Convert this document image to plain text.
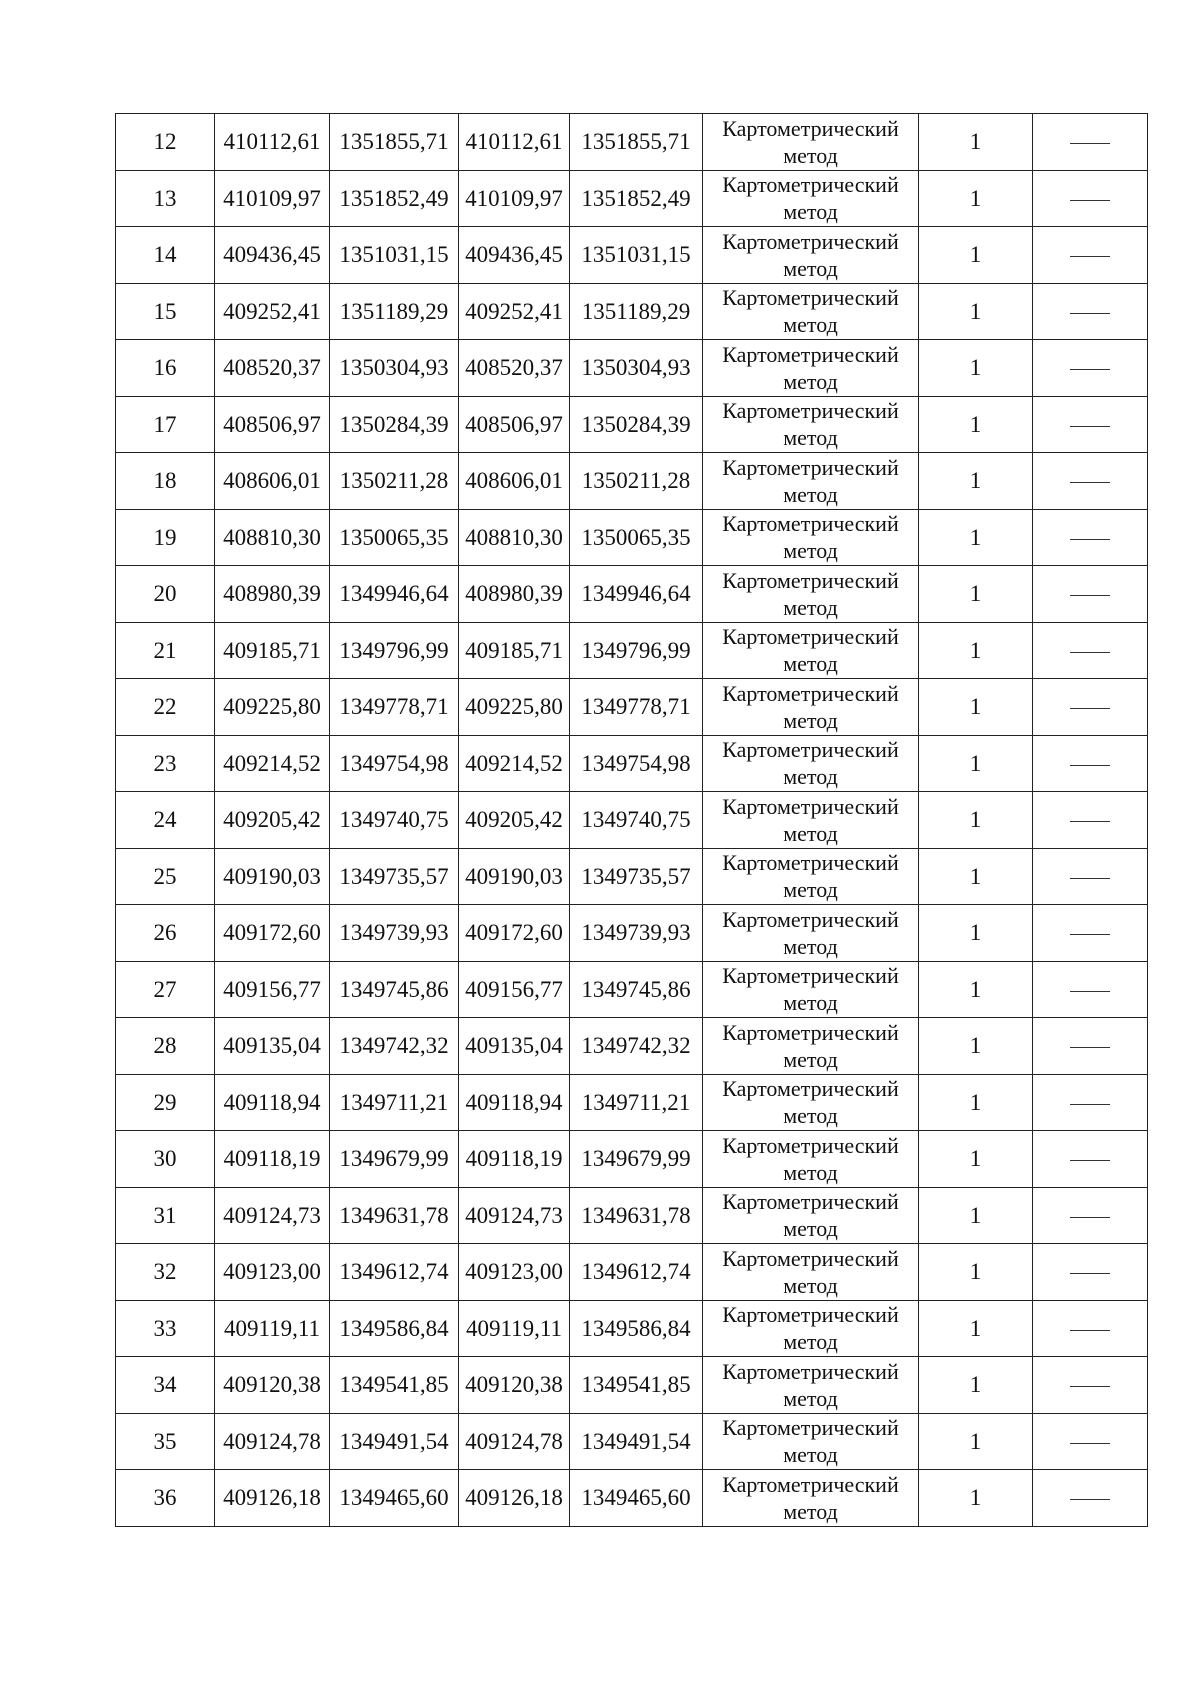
12	410112,61	1351855,71	410112,61	1351855,71	Картометрический метод	1	
13	410109,97	1351852,49	410109,97	1351852,49	Картометрический метод	1	
14	409436,45	1351031,15	409436,45	1351031,15	Картометрический метод	1	
15	409252,41	1351189,29	409252,41	1351189,29	Картометрический метод	1	
16	408520,37	1350304,93	408520,37	1350304,93	Картометрический метод	1	
17	408506,97	1350284,39	408506,97	1350284,39	Картометрический метод	1	
18	408606,01	1350211,28	408606,01	1350211,28	Картометрический метод	1	
19	408810,30	1350065,35	408810,30	1350065,35	Картометрический метод	1	
20	408980,39	1349946,64	408980,39	1349946,64	Картометрический метод	1	
21	409185,71	1349796,99	409185,71	1349796,99	Картометрический метод	1	
22	409225,80	1349778,71	409225,80	1349778,71	Картометрический метод	1	
23	409214,52	1349754,98	409214,52	1349754,98	Картометрический метод	1	
24	409205,42	1349740,75	409205,42	1349740,75	Картометрический метод	1	
25	409190,03	1349735,57	409190,03	1349735,57	Картометрический метод	1	
26	409172,60	1349739,93	409172,60	1349739,93	Картометрический метод	1	
27	409156,77	1349745,86	409156,77	1349745,86	Картометрический метод	1	
28	409135,04	1349742,32	409135,04	1349742,32	Картометрический метод	1	
29	409118,94	1349711,21	409118,94	1349711,21	Картометрический метод	1	
30	409118,19	1349679,99	409118,19	1349679,99	Картометрический метод	1	
31	409124,73	1349631,78	409124,73	1349631,78	Картометрический метод	1	
32	409123,00	1349612,74	409123,00	1349612,74	Картометрический метод	1	
33	409119,11	1349586,84	409119,11	1349586,84	Картометрический метод	1	
34	409120,38	1349541,85	409120,38	1349541,85	Картометрический метод	1	
35	409124,78	1349491,54	409124,78	1349491,54	Картометрический метод	1	
36	409126,18	1349465,60	409126,18	1349465,60	Картометрический метод	1	
